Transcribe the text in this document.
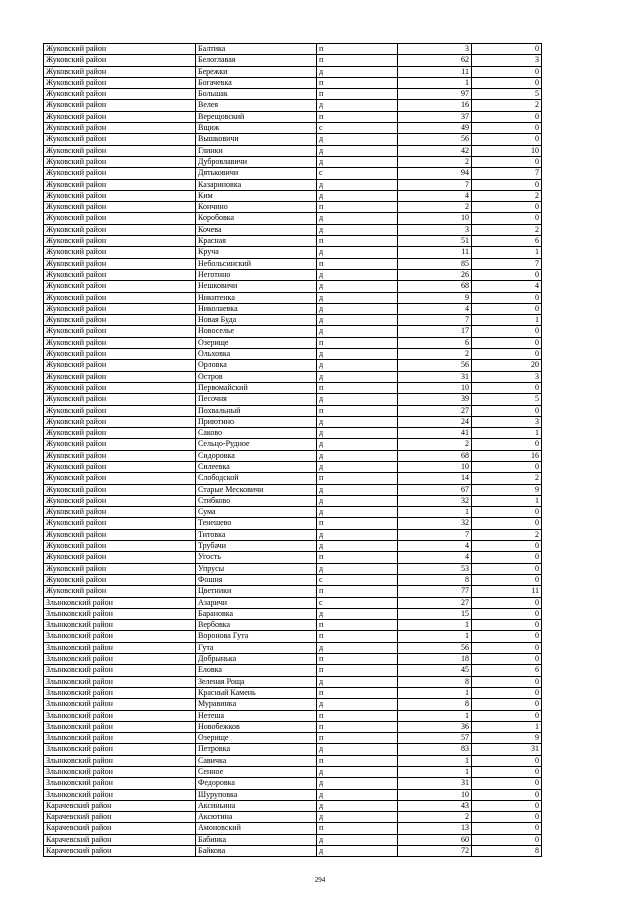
Жуковский район	Балтика	п	3	0
Жуковский район	Белоглавая	п	62	3
Жуковский район	Бережки	д	11	0
Жуковский район	Богачевка	п	1	0
Жуковский район	Большак	п	97	5
Жуковский район	Велея	д	16	2
Жуковский район	Верещовский	п	37	0
Жуковский район	Вщиж	с	49	0
Жуковский район	Вышковичи	д	56	0
Жуковский район	Глинки	д	42	10
Жуковский район	Дубровлавичи	д	2	0
Жуковский район	Дятьковичи	с	94	7
Жуковский район	Казариновка	д	7	0
Жуковский район	Ким	д	4	2
Жуковский район	Кончино	п	2	0
Жуковский район	Коробовка	д	10	0
Жуковский район	Кочева	д	3	2
Жуковский район	Красная	п	51	6
Жуковский район	Круча	д	11	1
Жуковский район	Небольсинский	п	85	7
Жуковский район	Неготино	д	26	0
Жуковский район	Нешковичи	д	68	4
Жуковский район	Никитенка	д	9	0
Жуковский район	Николаевка	д	4	0
Жуковский район	Новая Буда	д	7	1
Жуковский район	Новоселье	д	17	0
Жуковский район	Озерище	п	6	0
Жуковский район	Ольховка	д	2	0
Жуковский район	Орловка	д	56	20
Жуковский район	Остров	д	31	3
Жуковский район	Первомайский	п	10	0
Жуковский район	Песочня	д	39	5
Жуковский район	Похвальный	п	27	0
Жуковский район	Приютино	д	24	3
Жуковский район	Саково	д	41	1
Жуковский район	Сельцо-Рудное	д	2	0
Жуковский район	Сидоровка	д	68	16
Жуковский район	Силеевка	д	10	0
Жуковский район	Слободской	п	14	2
Жуковский район	Старые Месковичи	д	67	9
Жуковский район	Стибково	д	32	1
Жуковский район	Сума	д	1	0
Жуковский район	Тенешево	п	32	0
Жуковский район	Титовка	д	7	2
Жуковский район	Трубачи	д	4	0
Жуковский район	Угость	п	4	0
Жуковский район	Упрусы	д	53	0
Жуковский район	Фошня	с	8	0
Жуковский район	Цветники	п	77	11
Злынковский район	Азаричи	с	27	0
Злынковский район	Барановка	д	15	0
Злынковский район	Вербовка	п	1	0
Злынковский район	Воронова Гута	п	1	0
Злынковский район	Гута	д	56	0
Злынковский район	Добрынька	п	18	0
Злынковский район	Еловка	п	45	6
Злынковский район	Зеленая Роща	д	8	0
Злынковский район	Красный Камень	п	1	0
Злынковский район	Муравинка	д	8	0
Злынковский район	Нетеша	п	1	0
Злынковский район	Новобежков	п	36	1
Злынковский район	Озерище	п	57	9
Злынковский район	Петровка	д	83	31
Злынковский район	Савичка	п	1	0
Злынковский район	Сенное	д	1	0
Злынковский район	Федоровка	д	31	0
Злынковский район	Шуруповка	д	10	0
Карачевский район	Аксиньина	д	43	0
Карачевский район	Аксютина	д	2	0
Карачевский район	Амоновский	п	13	0
Карачевский район	Бабинка	д	60	0
Карачевский район	Байкова	д	72	8
294
